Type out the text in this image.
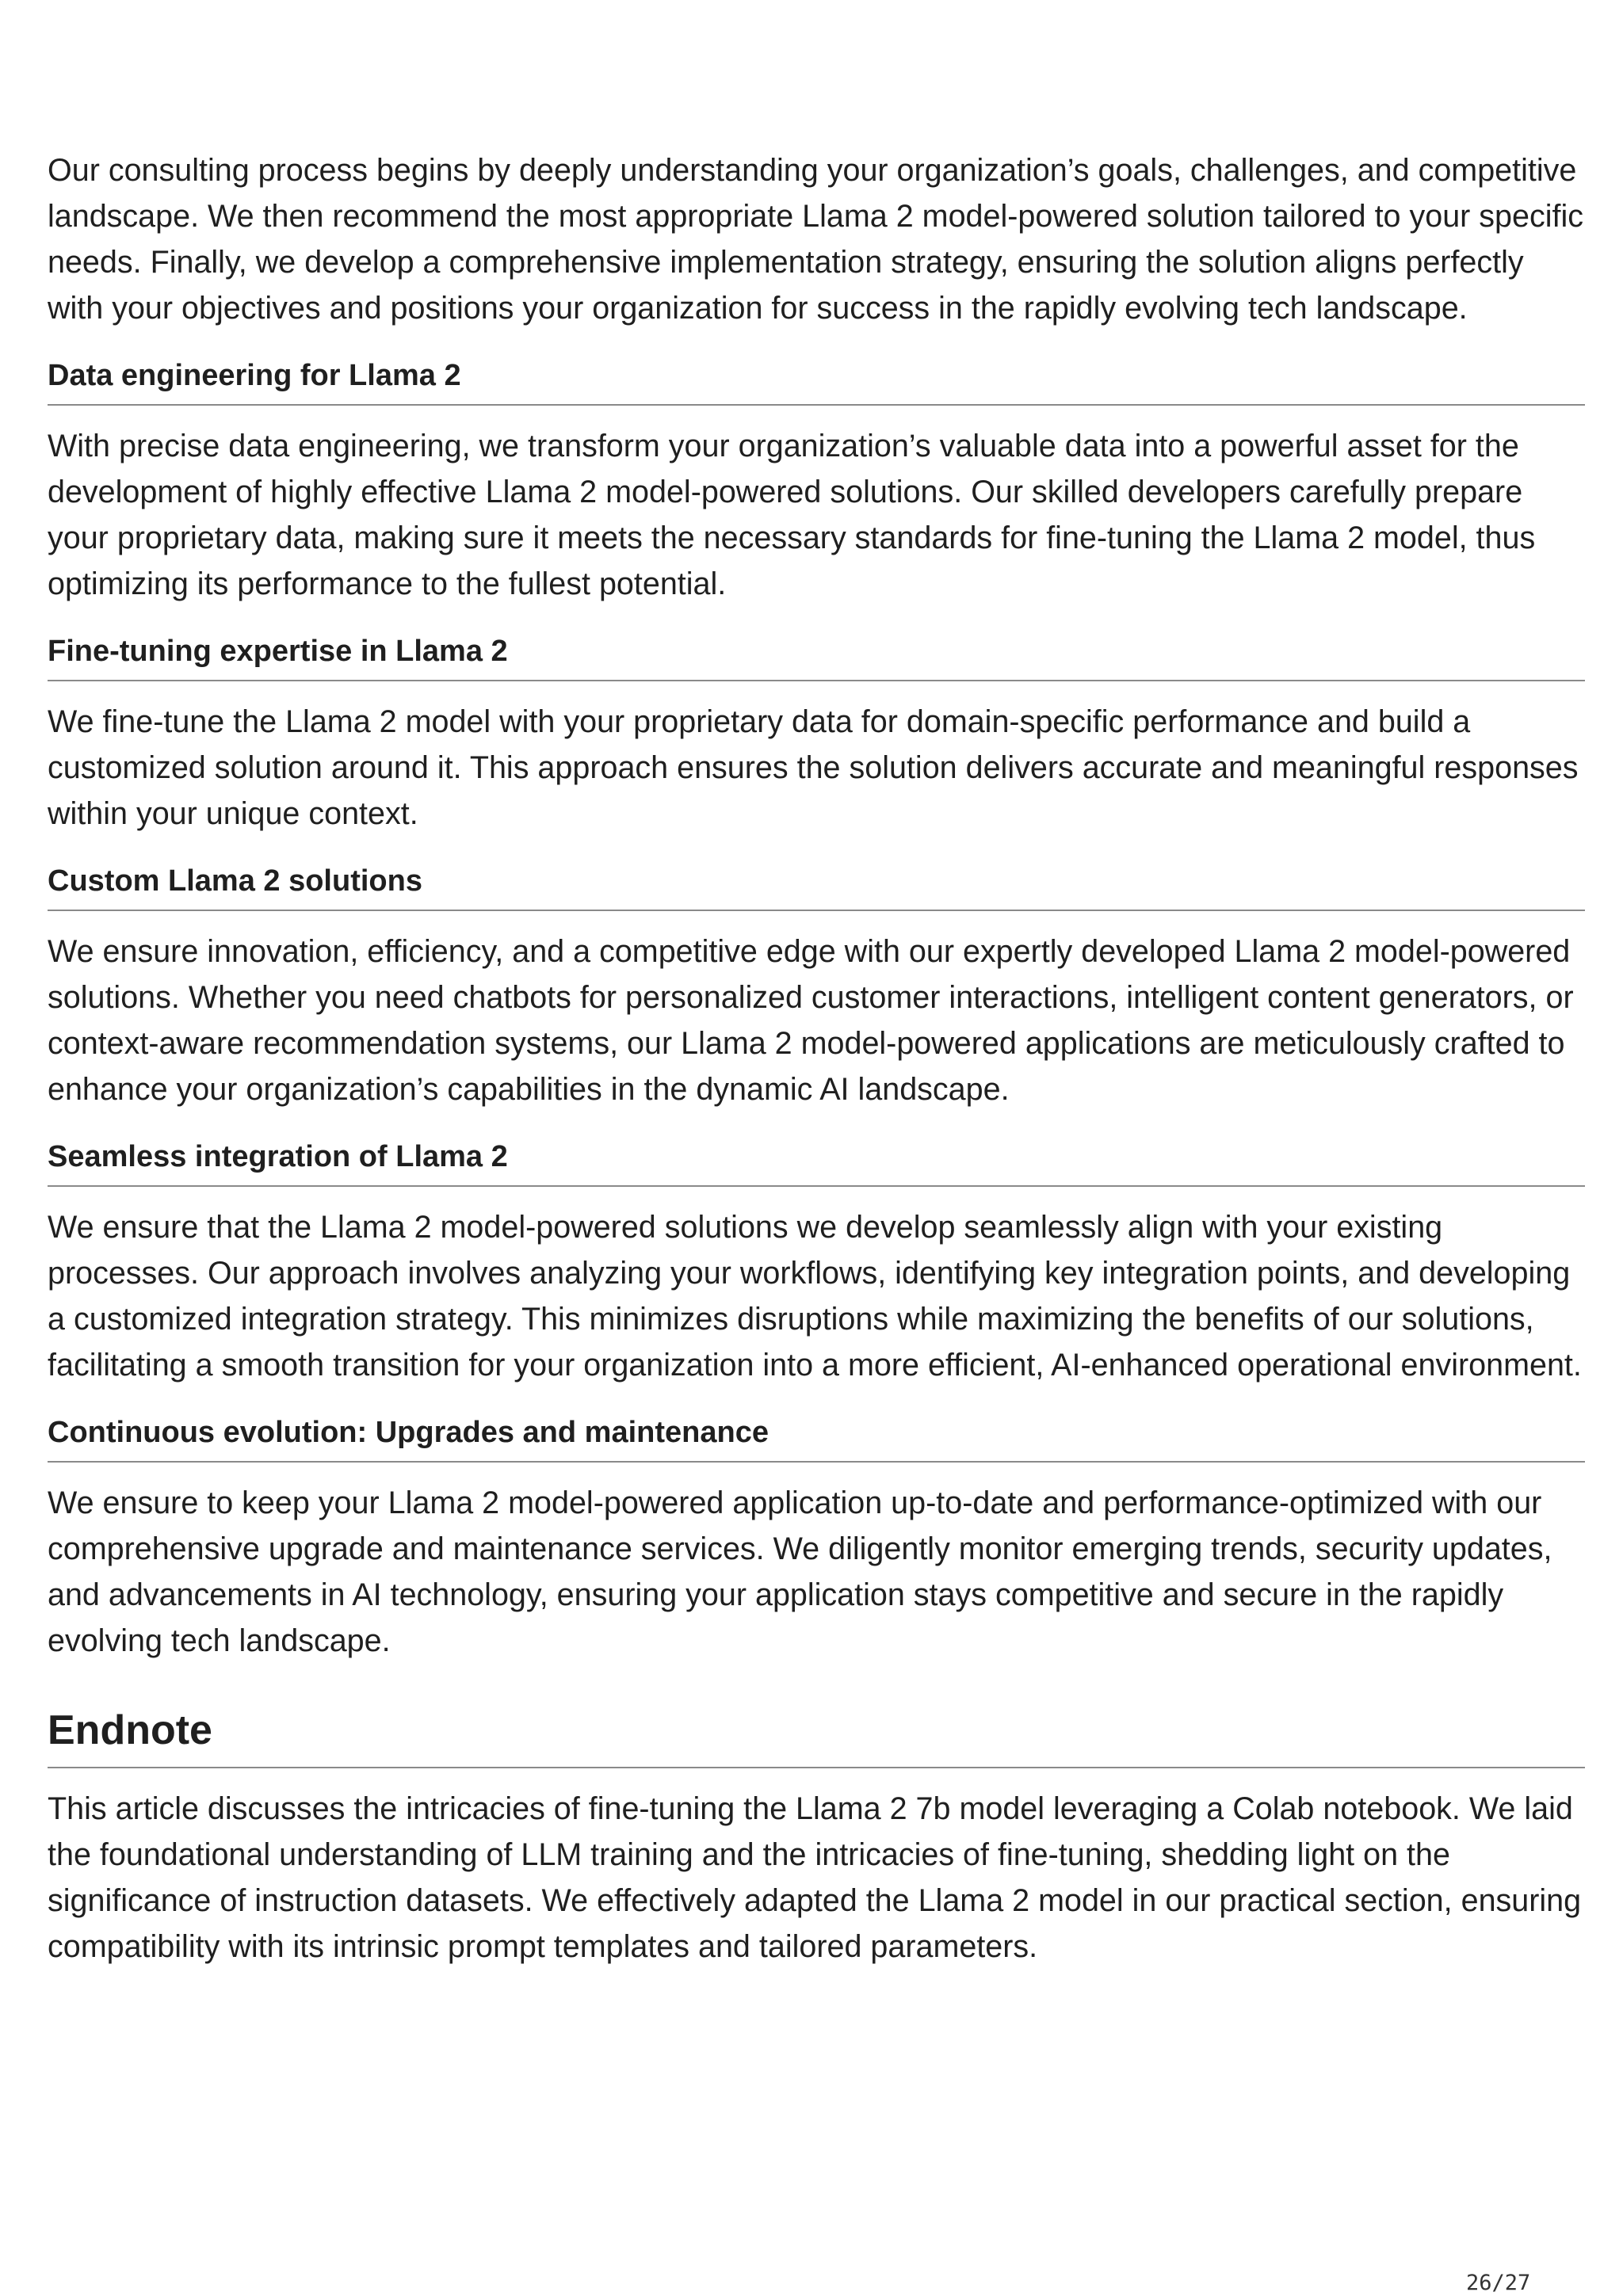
Our consulting process begins by deeply understanding your organization’s goals, challenges, and competitive landscape. We then recommend the most appropriate Llama 2 model-powered solution tailored to your specific needs. Finally, we develop a comprehensive implementation strategy, ensuring the solution aligns perfectly with your objectives and positions your organization for success in the rapidly evolving tech landscape.

Data engineering for Llama 2

With precise data engineering, we transform your organization’s valuable data into a powerful asset for the development of highly effective Llama 2 model-powered solutions. Our skilled developers carefully prepare your proprietary data, making sure it meets the necessary standards for fine-tuning the Llama 2 model, thus optimizing its performance to the fullest potential.

Fine-tuning expertise in Llama 2

We fine-tune the Llama 2 model with your proprietary data for domain-specific performance and build a customized solution around it. This approach ensures the solution delivers accurate and meaningful responses within your unique context.

Custom Llama 2 solutions

We ensure innovation, efficiency, and a competitive edge with our expertly developed Llama 2 model-powered solutions. Whether you need chatbots for personalized customer interactions, intelligent content generators, or context-aware recommendation systems, our Llama 2 model-powered applications are meticulously crafted to enhance your organization’s capabilities in the dynamic AI landscape.

Seamless integration of Llama 2

We ensure that the Llama 2 model-powered solutions we develop seamlessly align with your existing processes. Our approach involves analyzing your workflows, identifying key integration points, and developing a customized integration strategy. This minimizes disruptions while maximizing the benefits of our solutions, facilitating a smooth transition for your organization into a more efficient, AI-enhanced operational environment.

Continuous evolution: Upgrades and maintenance

We ensure to keep your Llama 2 model-powered application up-to-date and performance-optimized with our comprehensive upgrade and maintenance services. We diligently monitor emerging trends, security updates, and advancements in AI technology, ensuring your application stays competitive and secure in the rapidly evolving tech landscape.

Endnote

This article discusses the intricacies of fine-tuning the Llama 2 7b model leveraging a Colab notebook. We laid the foundational understanding of LLM training and the intricacies of fine-tuning, shedding light on the significance of instruction datasets. We effectively adapted the Llama 2 model in our practical section, ensuring compatibility with its intrinsic prompt templates and tailored parameters.

26/27
